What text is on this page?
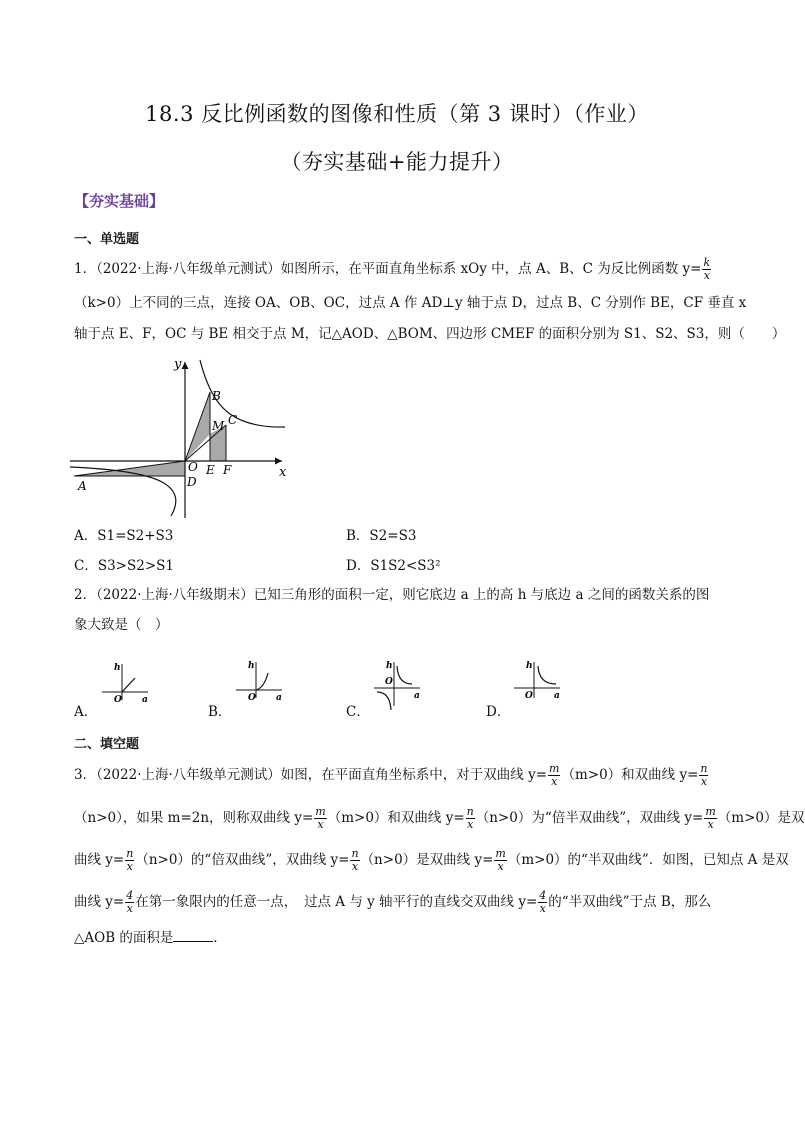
18.3 反比例函数的图像和性质（第 3 课时）（作业）
（夯实基础+能力提升）
【夯实基础】
一、单选题
1．（2022·上海·八年级单元测试）如图所示，在平面直角坐标系 xOy 中，点 A、B、C 为反比例函数 $y= \frac{k}{x}$
（k>0）上不同的三点，连接 OA、OB、OC，过点 A 作 AD⊥y 轴于点 D，过点 B、C 分别作 BE，CF 垂直 x
轴于点 E、F，OC 与 BE 相交于点 M，记△AOD、△BOM、四边形 CMEF 的面积分别为 S1、S2、S3，则（　　）
y
x
B
C
M
O E F
D
A
A．S1=S2+S3	B．S2=S3
C．S3>S2>S1	D．S1S2<S3²
2．（2022·上海·八年级期末）已知三角形的面积一定，则它底边 a 上的高 h 与底边 a 之间的函数关系的图
象大致是（　）
A．
h
O a
B．
h
O a
C．
h
O
a
D．
h
O a
二、填空题
3．（2022·上海·八年级单元测试）如图，在平面直角坐标系中，对于双曲线 $y= \frac{m}{x} (m>0)$和双曲线 $y= \frac{n}{x}$
（n>0），如果 m=2n，则称双曲线 $y= \frac{m}{x} (m>0)$和双曲线 $y= \frac{n}{x} (n>0)$为“倍半双曲线”，双曲线 $y= \frac{m}{x} (m>0)$是双
曲线 $y= \frac{n}{x} (n>0)$的“倍双曲线”，双曲线 $y= \frac{n}{x} (n>0)$是双曲线 $y= \frac{m}{x} (m>0)$的“半双曲线”．如图，已知点 A 是双
曲线 $y= \frac{4}{x}$ 在第一象限内的任意一点，　过点 A 与 y 轴平行的直线交双曲线 $y= \frac{4}{x}$ 的“半双曲线”于点 B，那么
△AOB 的面积是	．
